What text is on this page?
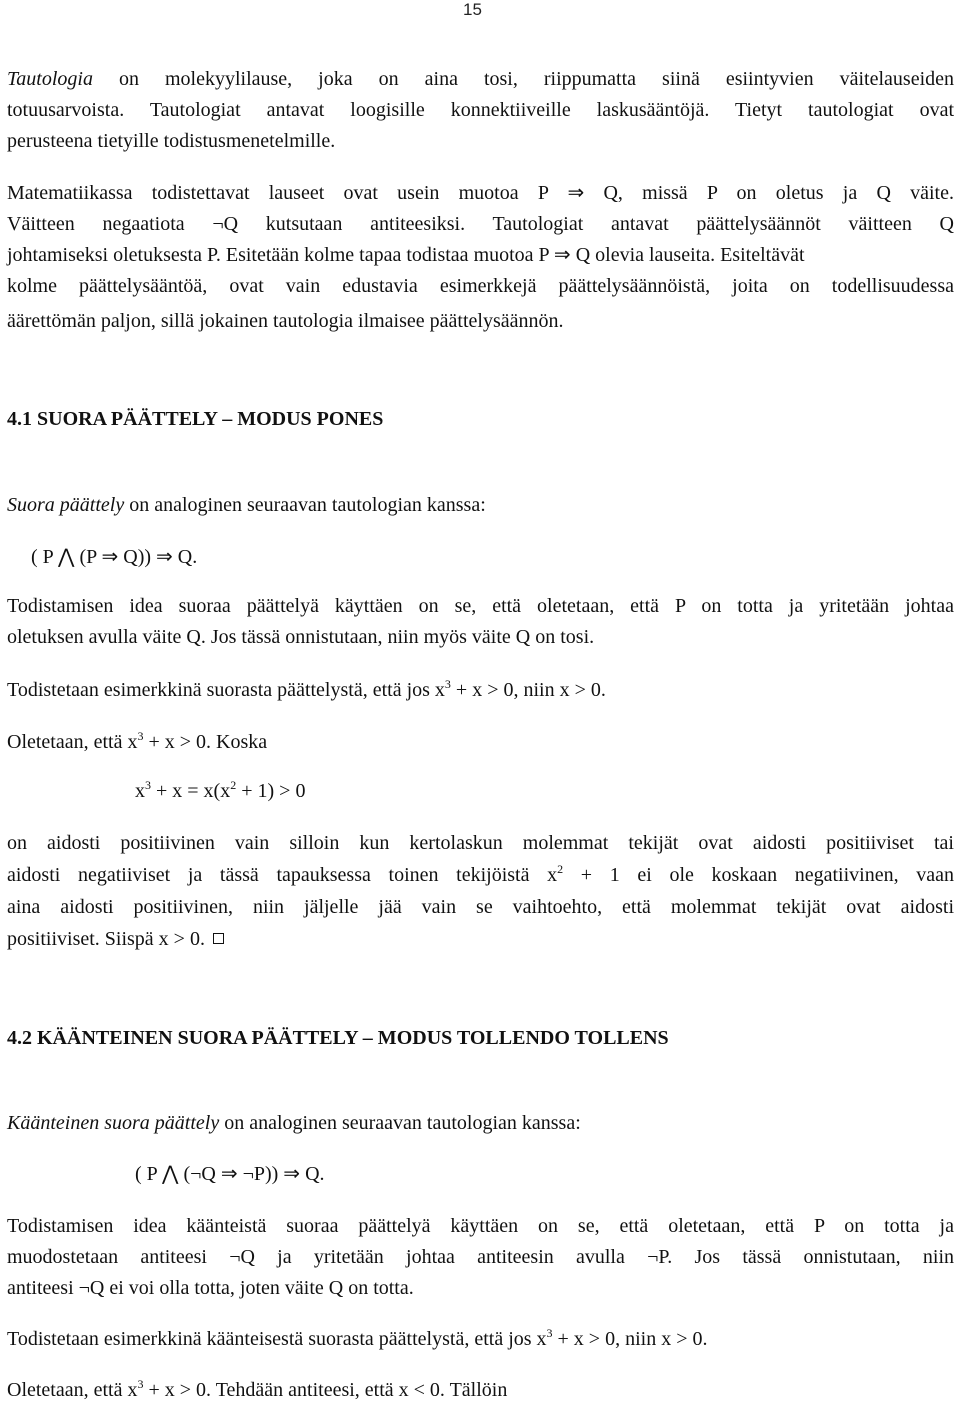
15
Tautologia on molekyylilause, joka on aina tosi, riippumatta siinä esiintyvien väitelauseiden
totuusarvoista. Tautologiat antavat loogisille konnektiiveille laskusääntöjä. Tietyt tautologiat ovat
perusteena tietyille todistusmenetelmille.
Matematiikassa todistettavat lauseet ovat usein muotoa P ⇒ Q, missä P on oletus ja Q väite.
Väitteen negaatiota ¬Q kutsutaan antiteesiksi. Tautologiat antavat päättelysäännöt väitteen Q
johtamiseksi oletuksesta P. Esitetään kolme tapaa todistaa muotoa P ⇒ Q olevia lauseita. Esiteltävät
kolme päättelysääntöä, ovat vain edustavia esimerkkejä päättelysäännöistä, joita on todellisuudessa
äärettömän paljon, sillä jokainen tautologia ilmaisee päättelysäännön.
4.1 SUORA PÄÄTTELY – MODUS PONES
Suora päättely on analoginen seuraavan tautologian kanssa:
( P ⋀ (P ⇒ Q)) ⇒ Q.
Todistamisen idea suoraa päättelyä käyttäen on se, että oletetaan, että P on totta ja yritetään johtaa
oletuksen avulla väite Q. Jos tässä onnistutaan, niin myös väite Q on tosi.
Todistetaan esimerkkinä suorasta päättelystä, että jos $x^3 + x > 0$, niin x > 0.
Oletetaan, että $x^3 + x > 0$. Koska
$x^3 + x = x(x^2 + 1) > 0$
on aidosti positiivinen vain silloin kun kertolaskun molemmat tekijät ovat aidosti positiiviset tai
aidosti negatiiviset ja tässä tapauksessa toinen tekijöistä $x^2 + 1$ ei ole koskaan negatiivinen, vaan
aina aidosti positiivinen, niin jäljelle jää vain se vaihtoehto, että molemmat tekijät ovat aidosti
positiiviset. Siispä x > 0.
4.2 KÄÄNTEINEN SUORA PÄÄTTELY – MODUS TOLLENDO TOLLENS
Käänteinen suora päättely on analoginen seuraavan tautologian kanssa:
( P ⋀ (¬Q ⇒ ¬P)) ⇒ Q.
Todistamisen idea käänteistä suoraa päättelyä käyttäen on se, että oletetaan, että P on totta ja
muodostetaan antiteesi ¬Q ja yritetään johtaa antiteesin avulla ¬P. Jos tässä onnistutaan, niin
antiteesi ¬Q ei voi olla totta, joten väite Q on totta.
Todistetaan esimerkkinä käänteisestä suorasta päättelystä, että jos $x^3 + x > 0$, niin x > 0.
Oletetaan, että $x^3 + x > 0$. Tehdään antiteesi, että x < 0. Tällöin
